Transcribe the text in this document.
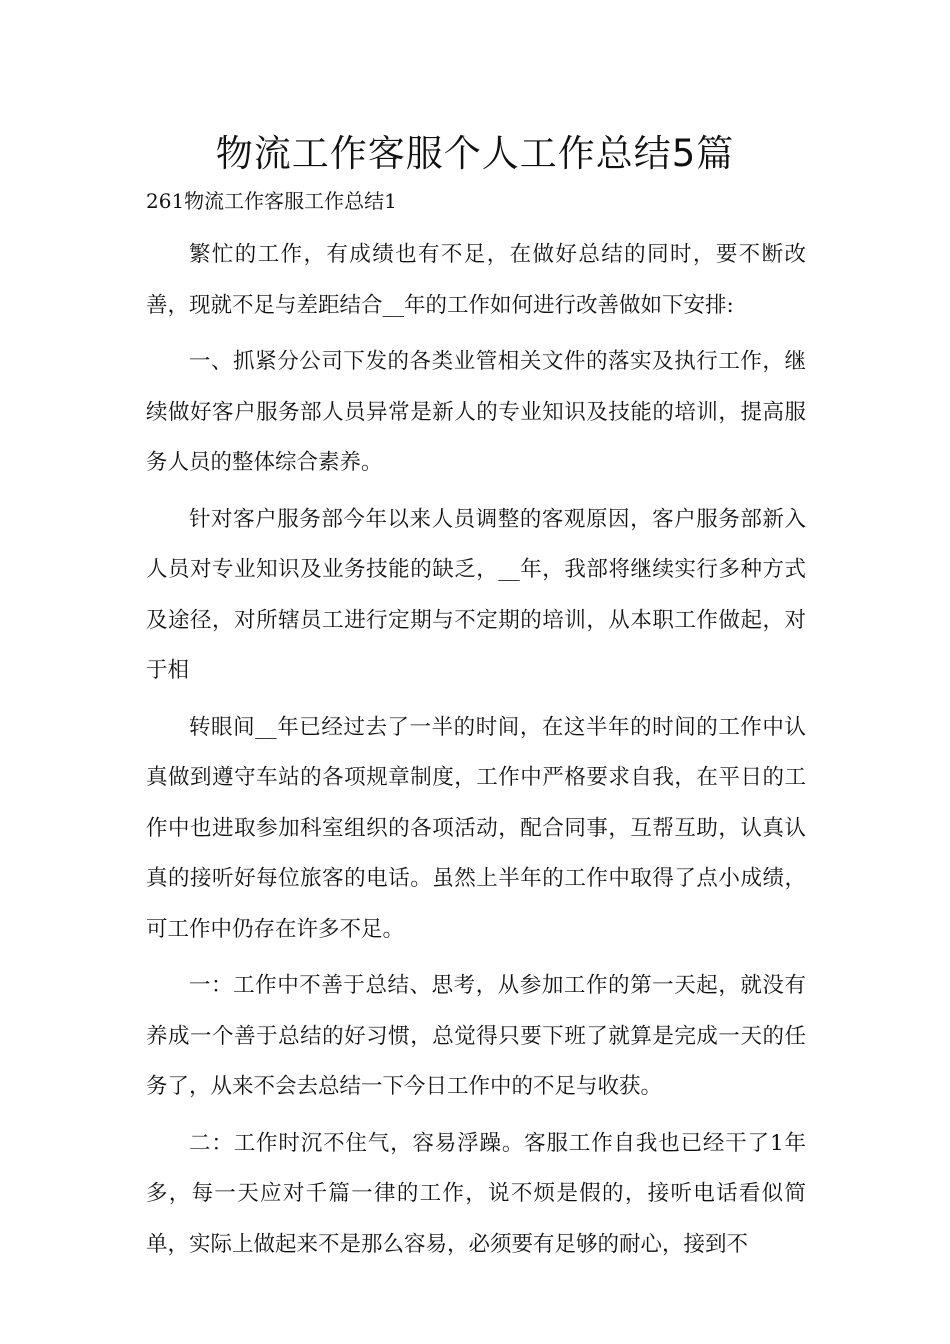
物流工作客服个人工作总结5篇
261物流工作客服工作总结1

繁忙的工作，有成绩也有不足，在做好总结的同时，要不断改善，现就不足与差距结合__年的工作如何进行改善做如下安排:

一、抓紧分公司下发的各类业管相关文件的落实及执行工作，继续做好客户服务部人员异常是新人的专业知识及技能的培训，提高服务人员的整体综合素养。

针对客户服务部今年以来人员调整的客观原因，客户服务部新入人员对专业知识及业务技能的缺乏，__年，我部将继续实行多种方式及途径，对所辖员工进行定期与不定期的培训，从本职工作做起，对于相

转眼间__年已经过去了一半的时间，在这半年的时间的工作中认真做到遵守车站的各项规章制度，工作中严格要求自我，在平日的工作中也进取参加科室组织的各项活动，配合同事，互帮互助，认真认真的接听好每位旅客的电话。虽然上半年的工作中取得了点小成绩，可工作中仍存在许多不足。

一：工作中不善于总结、思考，从参加工作的第一天起，就没有养成一个善于总结的好习惯，总觉得只要下班了就算是完成一天的任务了，从来不会去总结一下今日工作中的不足与收获。

二：工作时沉不住气，容易浮躁。客服工作自我也已经干了1年多，每一天应对千篇一律的工作，说不烦是假的，接听电话看似简单，实际上做起来不是那么容易，必须要有足够的耐心，接到不
